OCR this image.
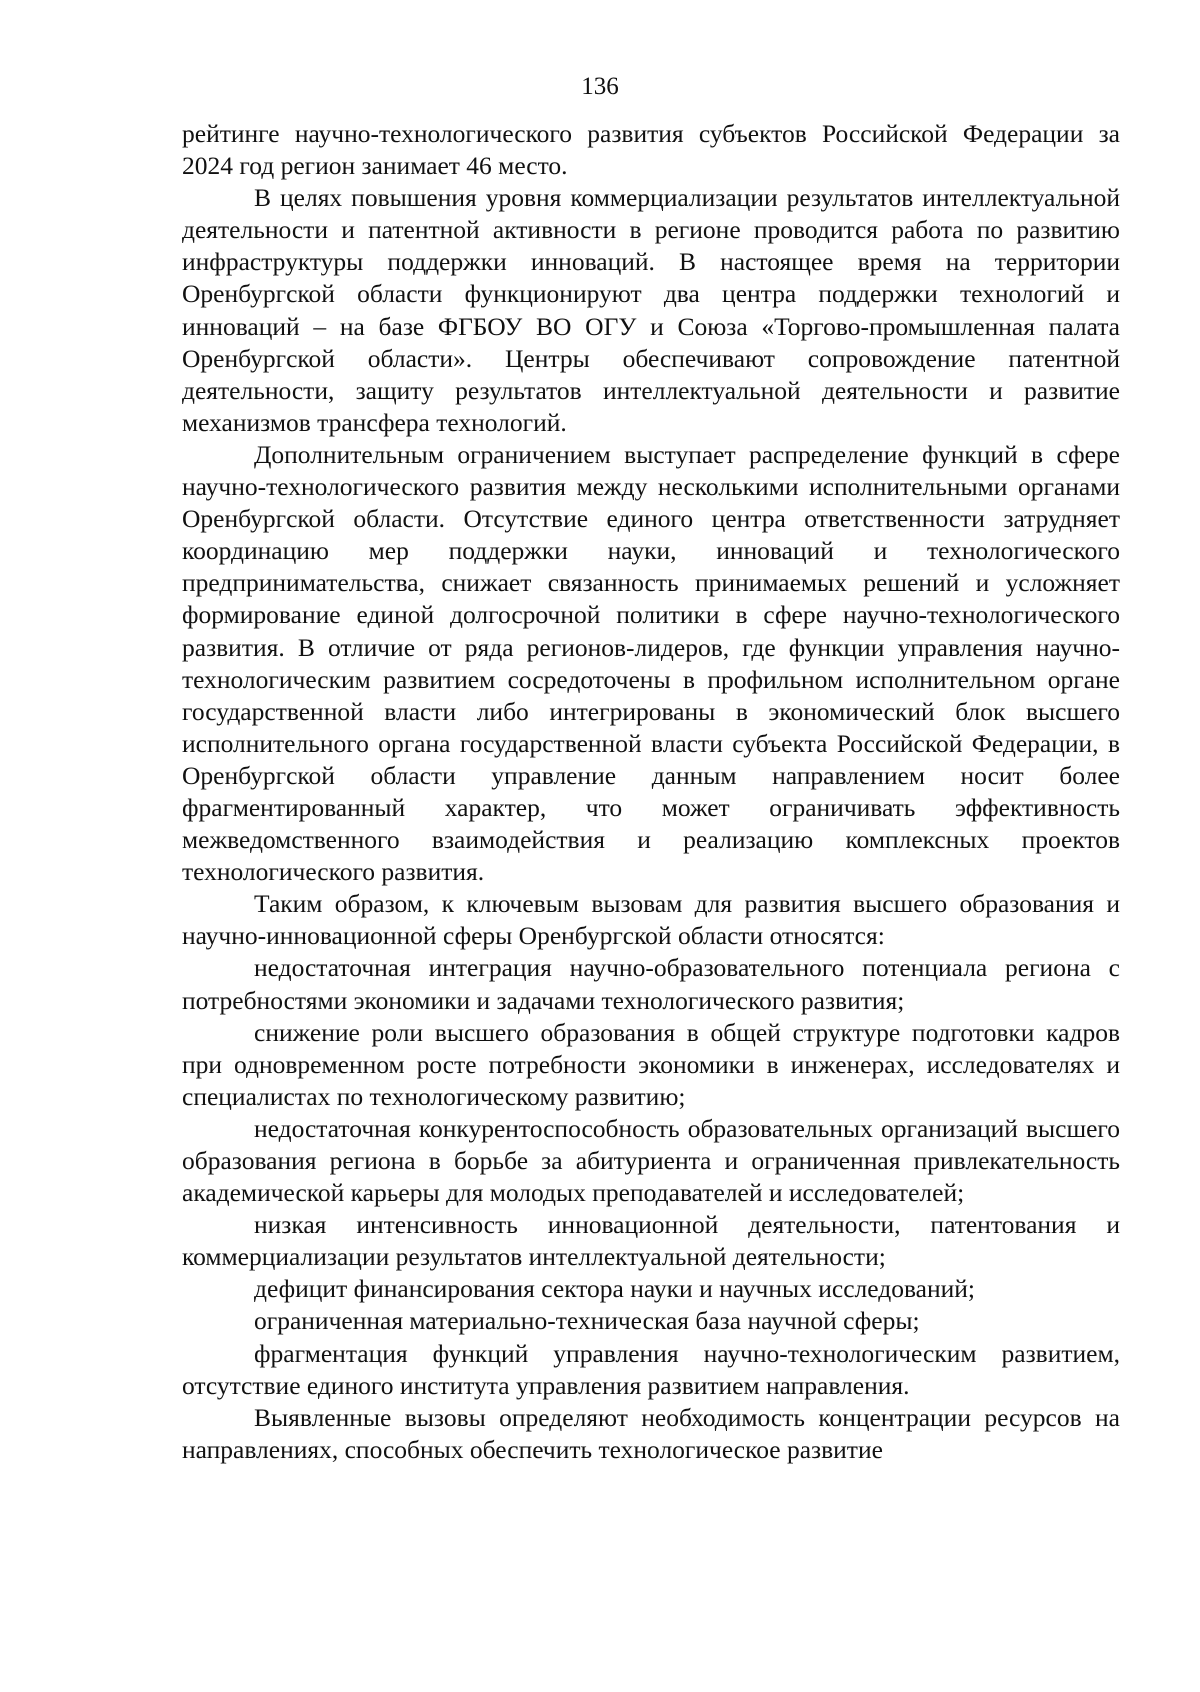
136

рейтинге научно-технологического развития субъектов Российской Федерации за 2024 год регион занимает 46 место.

В целях повышения уровня коммерциализации результатов интеллектуальной деятельности и патентной активности в регионе проводится работа по развитию инфраструктуры поддержки инноваций. В настоящее время на территории Оренбургской области функционируют два центра поддержки технологий и инноваций – на базе ФГБОУ ВО ОГУ и Союза «Торгово-промышленная палата Оренбургской области». Центры обеспечивают сопровождение патентной деятельности, защиту результатов интеллектуальной деятельности и развитие механизмов трансфера технологий.

Дополнительным ограничением выступает распределение функций в сфере научно-технологического развития между несколькими исполнительными органами Оренбургской области. Отсутствие единого центра ответственности затрудняет координацию мер поддержки науки, инноваций и технологического предпринимательства, снижает связанность принимаемых решений и усложняет формирование единой долгосрочной политики в сфере научно-технологического развития. В отличие от ряда регионов-лидеров, где функции управления научно-технологическим развитием сосредоточены в профильном исполнительном органе государственной власти либо интегрированы в экономический блок высшего исполнительного органа государственной власти субъекта Российской Федерации, в Оренбургской области управление данным направлением носит более фрагментированный характер, что может ограничивать эффективность межведомственного взаимодействия и реализацию комплексных проектов технологического развития.

Таким образом, к ключевым вызовам для развития высшего образования и научно-инновационной сферы Оренбургской области относятся:

недостаточная интеграция научно-образовательного потенциала региона с потребностями экономики и задачами технологического развития;

снижение роли высшего образования в общей структуре подготовки кадров при одновременном росте потребности экономики в инженерах, исследователях и специалистах по технологическому развитию;

недостаточная конкурентоспособность образовательных организаций высшего образования региона в борьбе за абитуриента и ограниченная привлекательность академической карьеры для молодых преподавателей и исследователей;

низкая интенсивность инновационной деятельности, патентования и коммерциализации результатов интеллектуальной деятельности;

дефицит финансирования сектора науки и научных исследований;

ограниченная материально-техническая база научной сферы;

фрагментация функций управления научно-технологическим развитием, отсутствие единого института управления развитием направления.

Выявленные вызовы определяют необходимость концентрации ресурсов на направлениях, способных обеспечить технологическое развитие
